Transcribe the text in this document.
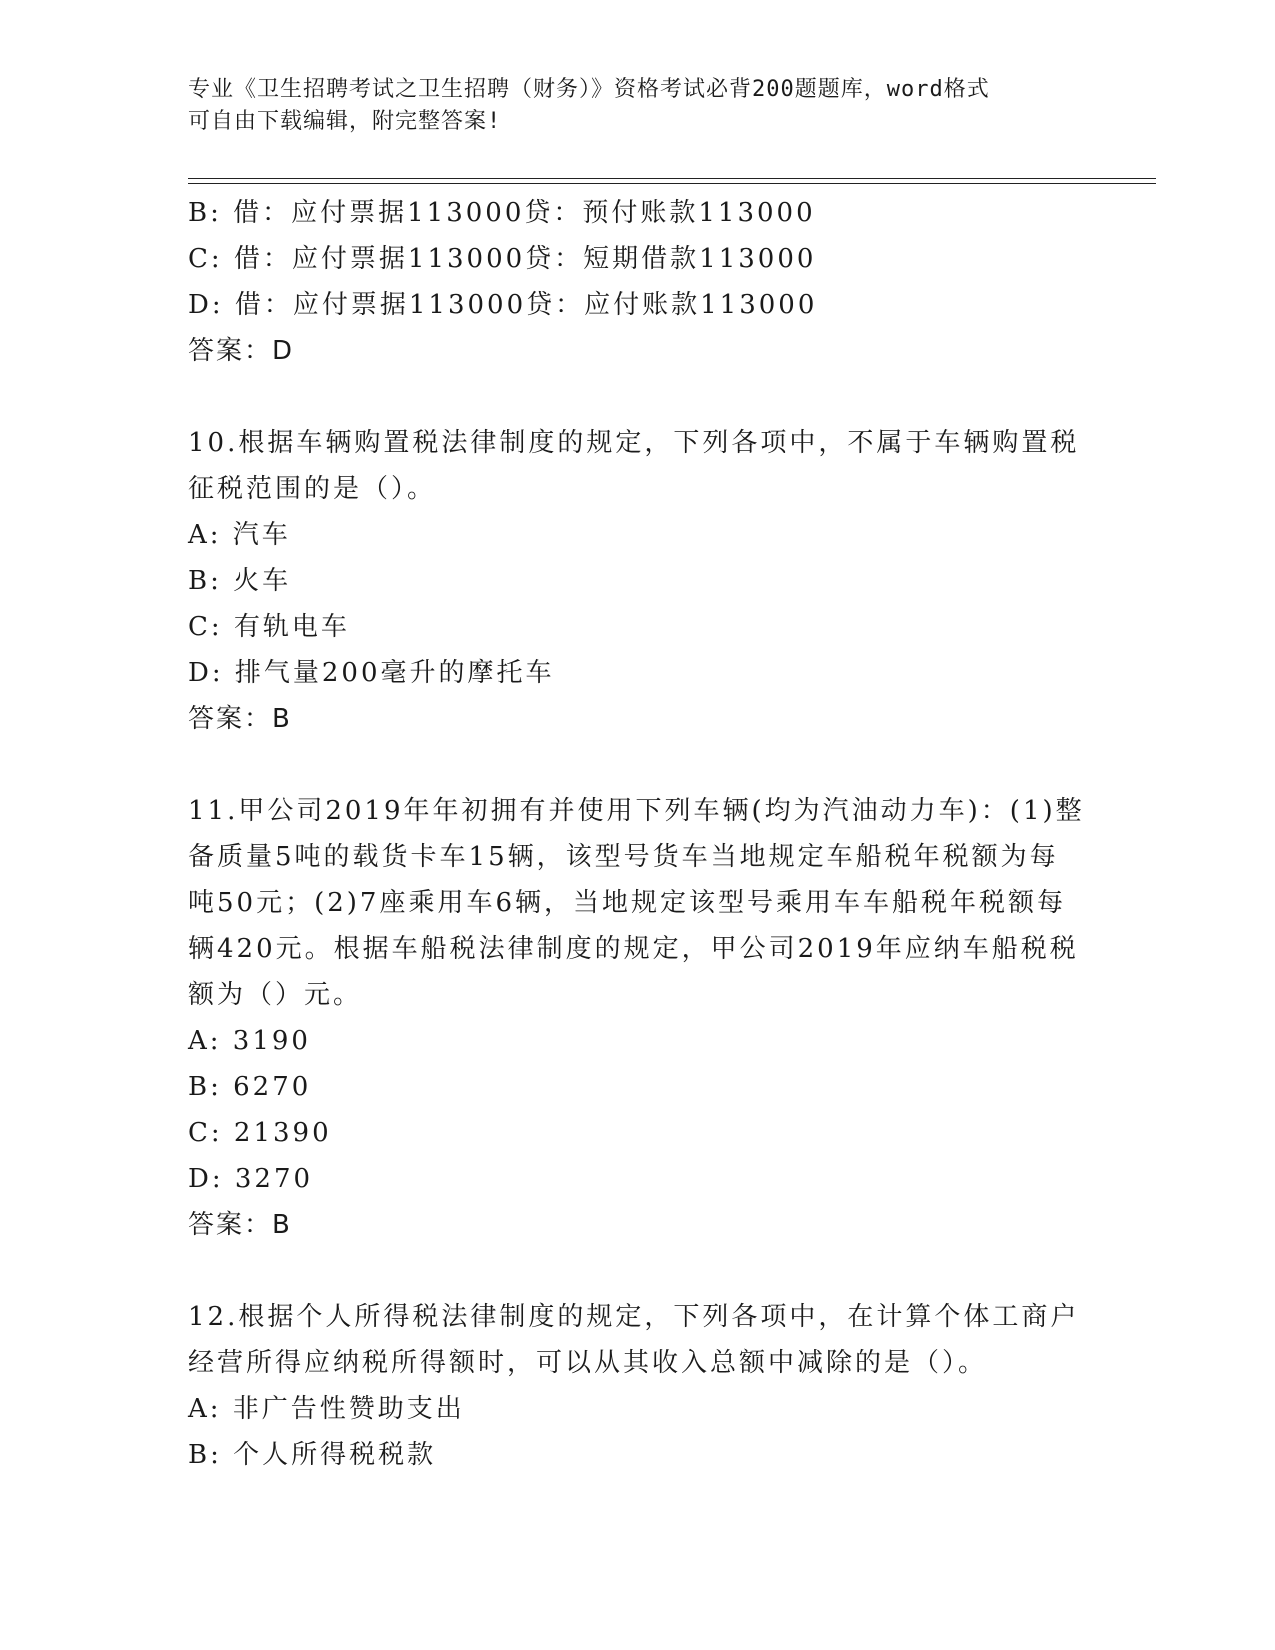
专业《卫生招聘考试之卫生招聘（财务）》资格考试必背200题题库，word格式
可自由下载编辑，附完整答案!
B: 借：应付票据113000贷：预付账款113000
C: 借：应付票据113000贷：短期借款113000
D: 借：应付票据113000贷：应付账款113000
答案：D
10.根据车辆购置税法律制度的规定，下列各项中，不属于车辆购置税
征税范围的是（）。
A: 汽车
B: 火车
C: 有轨电车
D: 排气量200毫升的摩托车
答案：B
11.甲公司2019年年初拥有并使用下列车辆(均为汽油动力车)：(1)整
备质量5吨的载货卡车15辆，该型号货车当地规定车船税年税额为每
吨50元；(2)7座乘用车6辆，当地规定该型号乘用车车船税年税额每
辆420元。根据车船税法律制度的规定，甲公司2019年应纳车船税税
额为（）元。
A: 3190
B: 6270
C: 21390
D: 3270
答案：B
12.根据个人所得税法律制度的规定，下列各项中，在计算个体工商户
经营所得应纳税所得额时，可以从其收入总额中减除的是（）。
A: 非广告性赞助支出
B: 个人所得税税款
